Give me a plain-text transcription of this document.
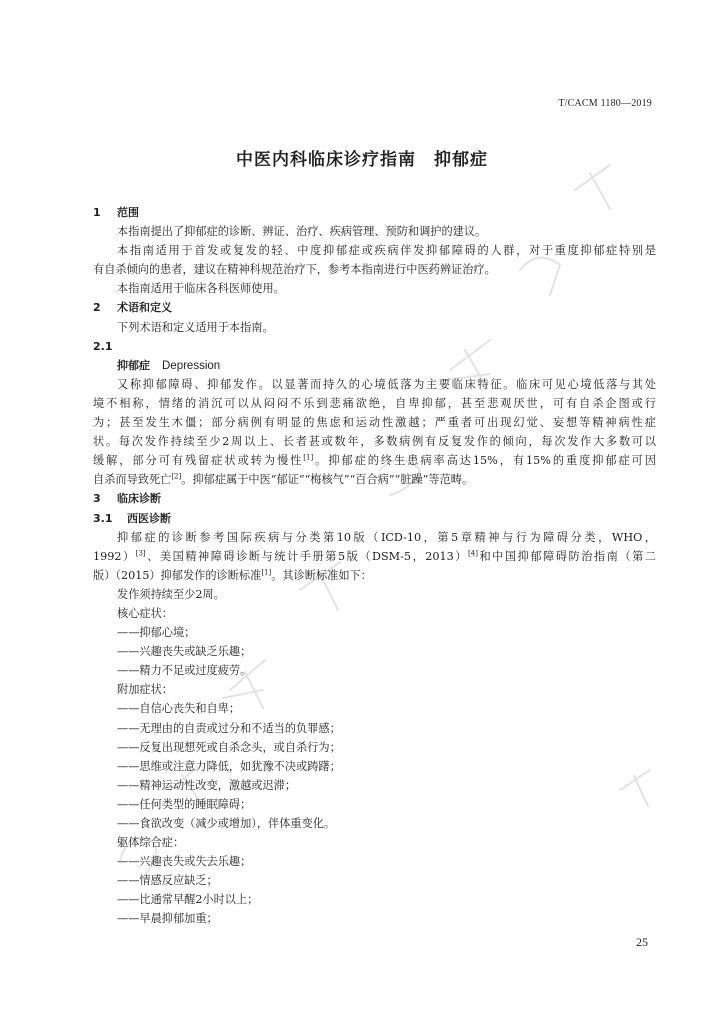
T/CACM 1180—2019
中医内科临床诊疗指南 抑郁症
1 范围
本指南提出了抑郁症的诊断、辨证、治疗、疾病管理、预防和调护的建议。
本指南适用于首发或复发的轻、中度抑郁症或疾病伴发抑郁障碍的人群，对于重度抑郁症特别是
有自杀倾向的患者，建议在精神科规范治疗下，参考本指南进行中医药辨证治疗。
本指南适用于临床各科医师使用。
2 术语和定义
下列术语和定义适用于本指南。
2.1
抑郁症 Depression
又称抑郁障碍、抑郁发作。以显著而持久的心境低落为主要临床特征。临床可见心境低落与其处
境不相称，情绪的消沉可以从闷闷不乐到悲痛欲绝，自卑抑郁，甚至悲观厌世，可有自杀企图或行
为；甚至发生木僵；部分病例有明显的焦虑和运动性激越；严重者可出现幻觉、妄想等精神病性症
状。每次发作持续至少2周以上、长者甚或数年，多数病例有反复发作的倾向，每次发作大多数可以
缓解，部分可有残留症状或转为慢性[1]。抑郁症的终生患病率高达15%，有15%的重度抑郁症可因
自杀而导致死亡[2]。抑郁症属于中医“郁证”“梅核气”“百合病”“脏躁”等范畴。
3 临床诊断
3.1 西医诊断
抑郁症的诊断参考国际疾病与分类第10版（ICD-10，第5章精神与行为障碍分类，WHO，
1992）[3]、美国精神障碍诊断与统计手册第5版（DSM-5，2013）[4]和中国抑郁障碍防治指南（第二
版）（2015）抑郁发作的诊断标准[1]。其诊断标准如下：
发作须持续至少2周。
核心症状：
——抑郁心境；
——兴趣丧失或缺乏乐趣；
——精力不足或过度疲劳。
附加症状：
——自信心丧失和自卑；
——无理由的自责或过分和不适当的负罪感；
——反复出现想死或自杀念头，或自杀行为；
——思维或注意力降低，如犹豫不决或踌躇；
——精神运动性改变，激越或迟滞；
——任何类型的睡眠障碍；
——食欲改变（减少或增加），伴体重变化。
躯体综合症：
——兴趣丧失或失去乐趣；
——情感反应缺乏；
——比通常早醒2小时以上；
——早晨抑郁加重；
25
